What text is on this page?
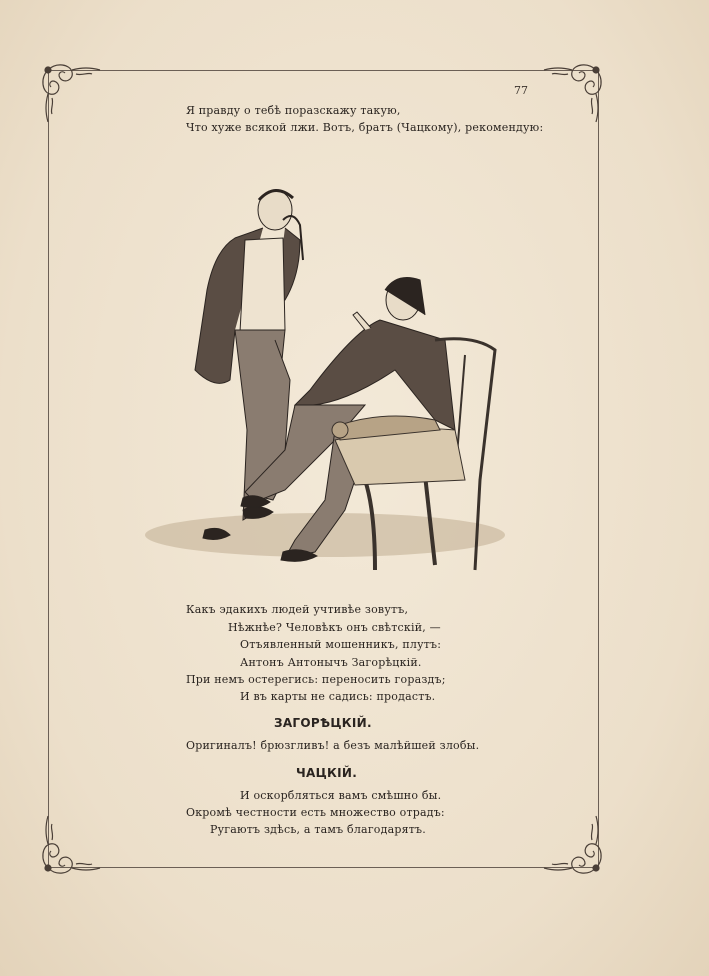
77
Я правду о тебѣ поразскажу такую,
Что хуже всякой лжи. Вотъ, братъ (Чацкому), рекомендую:
Какъ эдакихъ людей учтивѣе зовутъ,
Нѣжнѣе? Человѣкъ онъ свѣтскій, —
Отъявленный мошенникъ, плутъ:
Антонъ Антонычъ Загорѣцкій.
При немъ остерегись: переносить гораздъ;
И въ карты не садись: продастъ.
ЗАГОРѢЦКІЙ.
Оригиналъ! брюзгливъ! а безъ малѣйшей злобы.
ЧАЦКІЙ.
И оскорбляться вамъ смѣшно бы.
Окромѣ честности есть множество отрадъ:
Ругаютъ здѣсь, а тамъ благодарятъ.
